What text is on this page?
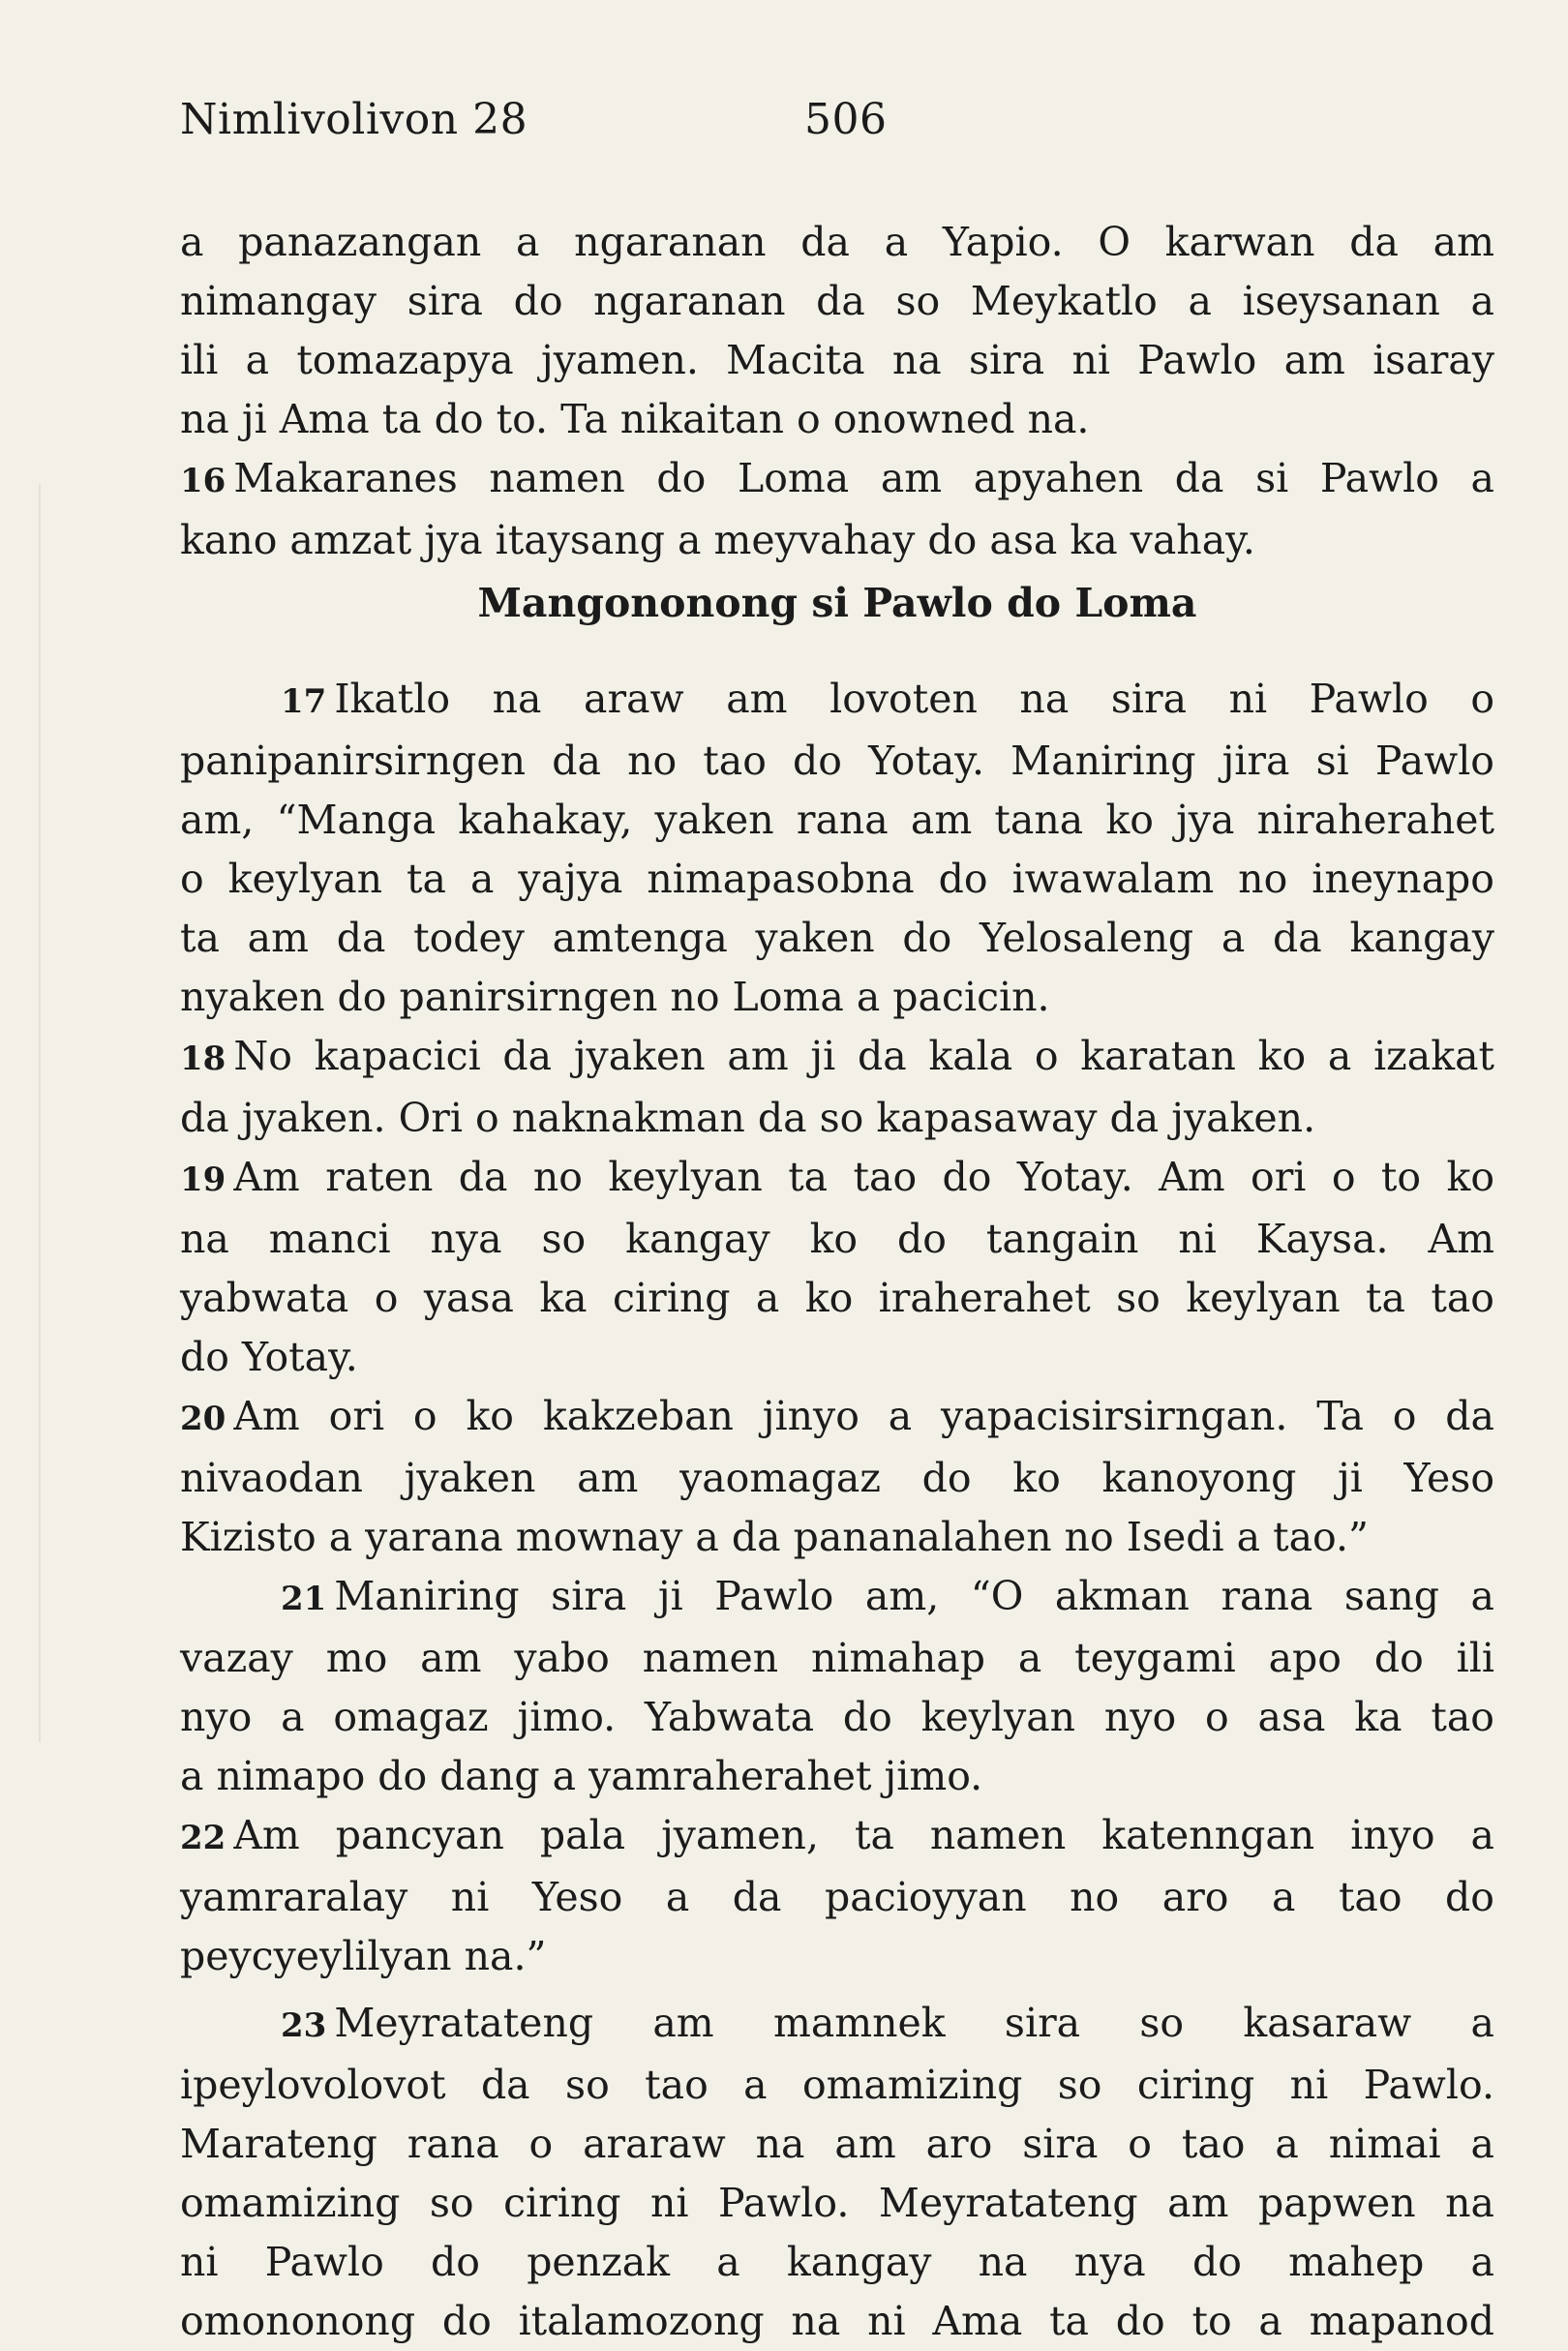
Nimlivolivon 28	506
a panazangan a ngaranan da a Yapio. O karwan da am
nimangay sira do ngaranan da so Meykatlo a iseysanan a
ili a tomazapya jyamen. Macita na sira ni Pawlo am isaray
na ji Ama ta do to. Ta nikaitan o onowned na.
16 Makaranes namen do Loma am apyahen da si Pawlo a
kano amzat jya itaysang a meyvahay do asa ka vahay.
Mangononong si Pawlo do Loma
17 Ikatlo na araw am lovoten na sira ni Pawlo o
panipanirsirngen da no tao do Yotay. Maniring jira si Pawlo
am, “Manga kahakay, yaken rana am tana ko jya niraherahet
o keylyan ta a yajya nimapasobna do iwawalam no ineynapo
ta am da todey amtenga yaken do Yelosaleng a da kangay
nyaken do panirsirngen no Loma a pacicin.
18 No kapacici da jyaken am ji da kala o karatan ko a izakat
da jyaken. Ori o naknakman da so kapasaway da jyaken.
19 Am raten da no keylyan ta tao do Yotay. Am ori o to ko
na manci nya so kangay ko do tangain ni Kaysa. Am
yabwata o yasa ka ciring a ko iraherahet so keylyan ta tao
do Yotay.
20 Am ori o ko kakzeban jinyo a yapacisirsirngan. Ta o da
nivaodan jyaken am yaomagaz do ko kanoyong ji Yeso
Kizisto a yarana mownay a da pananalahen no Isedi a tao.”
21 Maniring sira ji Pawlo am, “O akman rana sang a
vazay mo am yabo namen nimahap a teygami apo do ili
nyo a omagaz jimo. Yabwata do keylyan nyo o asa ka tao
a nimapo do dang a yamraherahet jimo.
22 Am pancyan pala jyamen, ta namen katenngan inyo a
yamraralay ni Yeso a da pacioyyan no aro a tao do
peycyeylilyan na.”
23 Meyratateng am mamnek sira so kasaraw a
ipeylovolovot da so tao a omamizing so ciring ni Pawlo.
Marateng rana o araraw na am aro sira o tao a nimai a
omamizing so ciring ni Pawlo. Meyratateng am papwen na
ni Pawlo do penzak a kangay na nya do mahep a
omononong do italamozong na ni Ama ta do to a mapanod
